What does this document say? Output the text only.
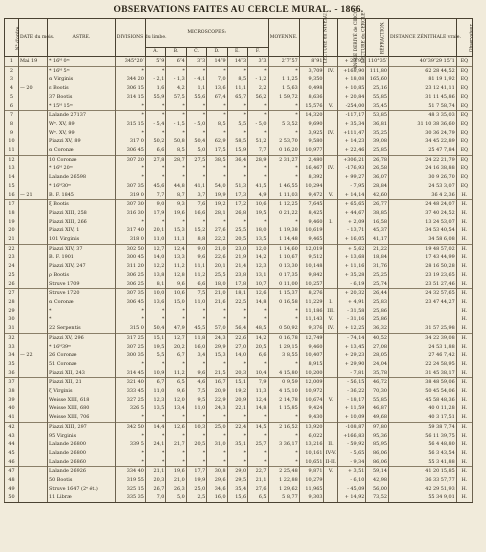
OBSERVATIONS FAITES AU CERCLE MURAL. - 1866.
N° d'ordre.	DATE du mois.	ASTRE.	DIVISIONS du limbe.	MICROSCOPES:						MOYENNE.	LECTURE du NIVEAU.	ANGLE DERIVÉ de CIRCOU	LECTURE du CERCLE	RÉFRACTION.	DISTANCE ZÉNITHALE vraie.	Observateur.
				A.	B.	C.	D.	E.	F.							
1	Mai 19	* 16ᴴ 0ᵐ	345°20′	5″9	6″4	3″3	14″9	14″3	3″3	2″7″57	8″91		+ 29″93	110°35′	40″39″29 15″1	EQ
2		* 16ᴴ 5ᵐ	*	*	*	*	*	*	*	*	3,709	IV.	+168,90	111,80	62 28 44,52	EQ
3		α Virginis	344 20	- 2,1	- 1,3	- 4,1	7,0	8,5	- 1,2	1 1,25	9,350		+ 18,08	165,60	81 19 1,92	EQ
4	— 20	ε Bootis	306 15	1,6	4,2	1,1	13,6	11,1	2,2	1 5,63	0,498		+ 10,85	25,16	23 12 41,11	EQ
5		37 Bootis	314 15	55,9	57,5	55,6	67,4	65,7	56,2	1 59,72	8,636		+ 20,84	55,85	31 11 45,86	EQ
6		* 15ᴴ 15ᵐ	*	*	*	*	*	*	*	*	15,576	V.	-254,00	35,45	51 7 58,74	EQ
7		Lalande 27137	*	*	*	*	*	*	*	*	14,320		-117,17	53,85	48 3 35,03	EQ
8		Wᵉ. XV, 89	315 15	- 5,4	- 1,5	- 5,0	8,5	5,5	- 5,0	5 3,52	9,690		+ 35,34	36,81	31 10 38 36,60	EQ
9		Wᵉ. XV, 99	*	*	*	*	*	*	*	*	3,925	IV.	+111,47	35,25	30 36 24,79	EQ
10		Piazzi XV, 89	317 0	50,2	50,8	50,4	62,9	58,5	51,2	2 53,70	9,580		+ 14,23	39,08	34 45 22,89	EQ
11		α Coronæ	306 45	6,6	8,5	5,0	17,5	15,9	7,7	0 16,20	10,977		+ 22,46	25,85	25 47 7,84	EQ
12		10 Coronæ	307 20	27,8	28,7	27,5	38,5	36,4	28,9	2 31,27	2,480		+306,21	26,78	24 22 21,79	EQ
13		* 16ᴴ 20ᵐ	*	*	*	*	*	*	*	*	16,467	IV.	-176,93	26,58	24 16 38,88	EQ
14		Lalande 26598	*	*	*	*	*	*	*	*	8,392		+ 99,27	36,07	30 9 26,70	EQ
15		* 16ᴴ30ᵐ	307 35	45,6	44,8	41,1	54,0	51,3	41,5	1 46,55	10,294		- 7,95	28,84	24 53 3,07	EQ
16	— 21	B. F. 1845	319 0	7,7	8,7	3,7	19,9	17,3	4,9	1 11,03	9,472	V.	+ 14,14	42,60	36 4 2,36	H.
17		ξ Bootis	307 30	9,0	9,3	7,6	19,2	17,2	10,6	1 12,25	7,645		+ 65,65	26,77	24 48 24,07	H.
18		Piazzi XIII, 258	316 30	17,9	19,6	16,6	28,1	26,8	19,5	0 21,22	8,425		+ 44,67	38,85	37 40 24,52	H.
19		Piazzi XIII, 266	*	*	*	*	*	*	*	*	9,460	I.	+ 2,09	16,58	13 24 53,07	H.
20		Piazzi XIV, 1	317 40	20,1	15,3	15,2	27,6	25,5	18,0	1 19,38	10,619		- 13,71	45,37	34 53 40,54	H.
21		101 Virginis	318 0	11,0	11,1	8,8	22,2	20,5	13,5	1 14,48	9,465		+ 16,05	41,17	34 58 6,08	H.
22		Piazzi XIV, 37	302 50	12,7	12,4	9,0	21,0	23,0	12,0	1 14,60	12,019		+ 5,62	21,22	19 48 57,02	H.
23		B. F. 1901	300 45	14,0	13,3	9,6	22,6	21,9	14,2	1 10,67	9,512		+ 13,68	18,84	17 43 44,99	H.
24		Piazzi XIV, 247	311 20	12,2	11,2	11,1	20,1	21,4	12,3	0 13,30	10,148		+ 11,16	31,76	28 16 50,28	H.
25		ρ Bootis	306 25	13,8	12,8	11,2	25,5	23,8	13,1	0 17,35	9,842		+ 35,28	25,25	23 19 23,65	H.
26		Struve 1709	306 25	8,1	9,6	6,6	18,0	17,8	10,7	0 11,00	10,257		- 6,19	25,74	23 51 27,46	H.
27		Struve 1720	307 35	10,0	10,6	7,5	21,0	18,1	12,6	1 15,37	8,276		+ 20,32	26,44	24 32 57,65	H.
28		α Coronæ	306 45	13,6	15,0	11,0	21,6	22,5	14,8	0 16,58	11,229	I.	+ 4,91	25,83	23 47 44,27	H.
29		*	*	*	*	*	*	*	*	*	11,186	III.	- 31,58	25,86		H.
30		*	*	*	*	*	*	*	*	*	11,143	V.	- 31,16	25,86		H.
31		22 Serpentis	315 0	50,4	47,9	45,5	57,0	56,4	48,5	0 50,92	9,376	IV.	+ 12,25	36,32	31 57 25,98	H.
32		Piazzi XV, 296	317 25	15,1	12,7	11,8	24,3	22,6	14,2	0 16,78	12,749		- 74,14	40,52	34 22 39,08	H.
33		* 16ᴴ39ᵐ	307 25	19,5	20,2	16,0	29,9	27,0	20,5	1 29,15	9,460		+ 13,45	27,08	24 53 1,88	H.
34	— 22	26 Coronæ	300 35	5,5	6,7	3,4	15,3	14,0	6,6	3 8,55	10,407		+ 29,23	28,05	27 46 7,42	H.
35		51 Coronæ	*	*	*	*	*	*	*	*	8,915		+ 29,90	24,04	22 24 58,95	H.
36		Piazzi XII, 243	314 45	10,9	11,2	9,6	21,5	20,3	10,4	4 15,80	10,200		- 7,81	35,78	31 45 38,17	H.
37		Piazzi XII, 21	321 40	6,7	6,5	4,6	16,7	15,1	7,9	0 9,59	12,009		- 56,15	46,72	38 48 59,06	H.
38		ζ Virginis	333 45	11,0	9,6	7,5	20,9	19,2	11,3	4 15,10	10,972		- 36,22	70,30	50 45 54,06	H.
39		Weisse XIII, 618	327 25	12,3	12,0	9,5	22,9	20,9	12,4	2 14,78	10,674	V.	- 18,17	55,85	45 58 48,36	H.
40		Weisse XIII, 680	326 5	13,5	13,4	11,0	24,3	22,1	14,8	1 15,85	9,424		+ 11,59	46,87	40 0 11,28	H.
41		Weisse XIII, 706	*	*	*	*	*	*	*	*	9,430		+ 10,09	49,68	40 3 17,51	H.
42		Piazzi XIII, 297	342 50	14,4	12,6	10,3	25,0	22,4	14,5	2 16,52	13,920		-108,87	97,80	59 38 7,74	H.
43		95 Virginis	*	*	*	*	*	*	*	*	6,022		+166,83	95,36	56 11 39,75	H.
44		Lalande 26800	339 5	24,1	21,7	20,5	31,0	35,1	25,7	3 36,17	13,216	II.	- 59,92	85,95	56 4 48,80	H.
45		Lalande 26800	*	*	*	*	*	*	*	*	10,161	IV-V.	- 5,65	86,06	56 3 43,54	H.
46		Lalande 26860	*	*	*	*	*	*	*	*	10,651	II-II.	- 9,34	86,06	55 3 41,88	H.
47		Lalande 26926	334 40	21,1	19,6	17,7	30,8	29,0	22,7	2 25,48	9,871	V.	+ 3,51	59,14	41 20 15,85	H.
48		50 Bootis	319 55	20,3	21,0	19,9	29,6	29,5	21,1	1 22,88	10,279		- 6,10	42,98	36 33 57,77	H.
49		Struve 1647 (2ᵉ ét.)	325 15	26,7	26,3	25,0	34,6	35,4	27,6	1 29,62	11,965		- 45,09	56,00	42 29 51,93	H.
50		11 Libræ	335 35	7,0	5,0	2,5	16,0	15,6	6,5	5 8,77	9,303		+ 14,92	73,52	55 34 9,01	H.
